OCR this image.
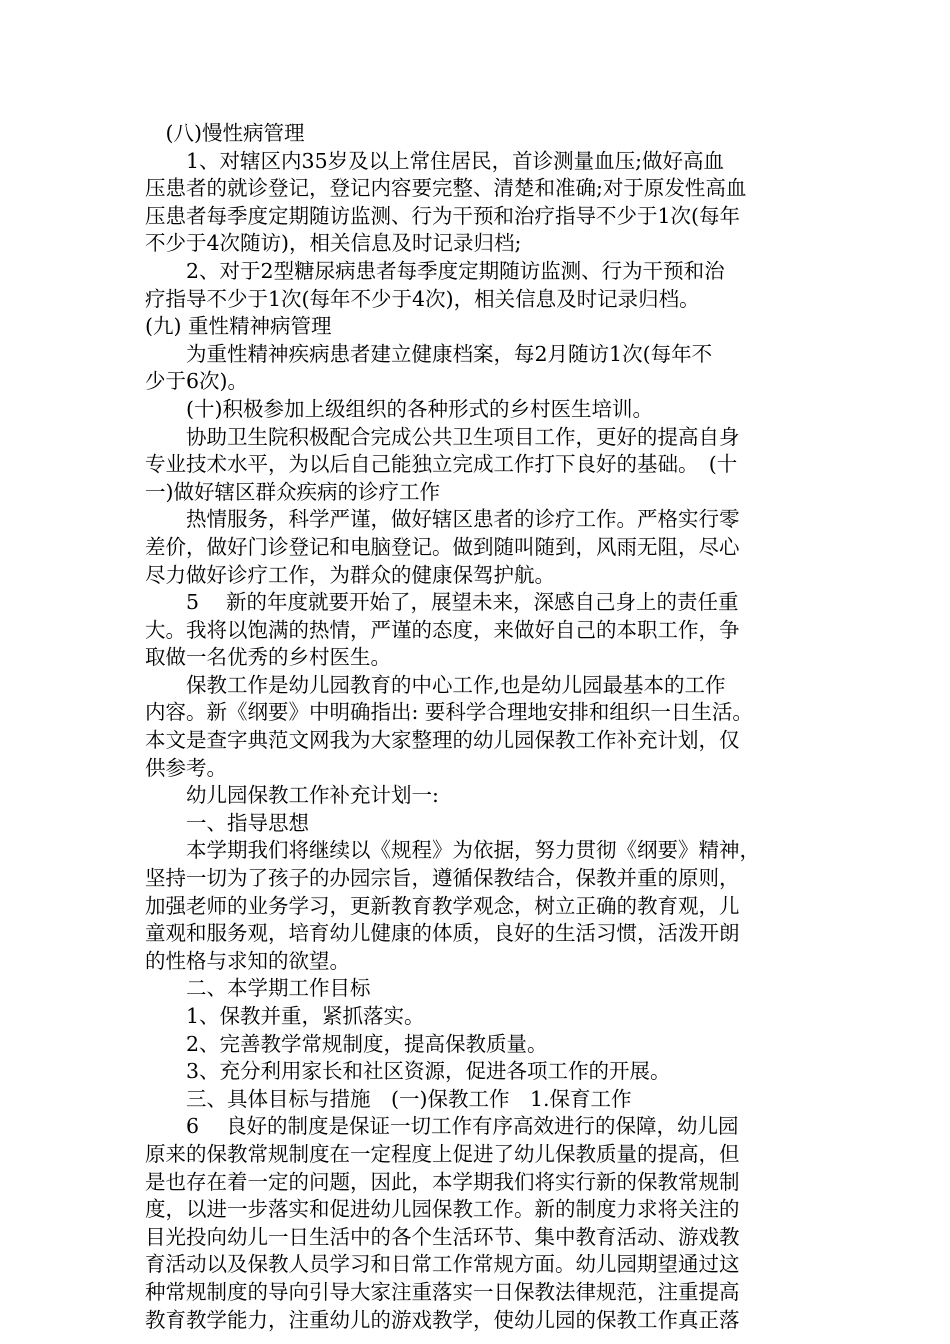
　(八)慢性病管理
　　1、对辖区内35岁及以上常住居民，首诊测量血压;做好高血
压患者的就诊登记，登记内容要完整、清楚和准确;对于原发性高血
压患者每季度定期随访监测、行为干预和治疗指导不少于1次(每年
不少于4次随访)，相关信息及时记录归档;
　　2、对于2型糖尿病患者每季度定期随访监测、行为干预和治
疗指导不少于1次(每年不少于4次)，相关信息及时记录归档。
(九) 重性精神病管理
　　为重性精神疾病患者建立健康档案，每2月随访1次(每年不
少于6次)。
　　(十)积极参加上级组织的各种形式的乡村医生培训。
　　协助卫生院积极配合完成公共卫生项目工作，更好的提高自身
专业技术水平，为以后自己能独立完成工作打下良好的基础。　(十
一)做好辖区群众疾病的诊疗工作
　　热情服务，科学严谨，做好辖区患者的诊疗工作。严格实行零
差价，做好门诊登记和电脑登记。做到随叫随到，风雨无阻，尽心
尽力做好诊疗工作，为群众的健康保驾护航。
　　5　 新的年度就要开始了，展望未来，深感自己身上的责任重
大。我将以饱满的热情，严谨的态度，来做好自己的本职工作，争
取做一名优秀的乡村医生。
　　保教工作是幼儿园教育的中心工作,也是幼儿园最基本的工作
内容。新《纲要》中明确指出: 要科学合理地安排和组织一日生活。
本文是查字典范文网我为大家整理的幼儿园保教工作补充计划，仅
供参考。
　　幼儿园保教工作补充计划一:
　　一、指导思想
　　本学期我们将继续以《规程》为依据，努力贯彻《纲要》精神，
坚持一切为了孩子的办园宗旨，遵循保教结合，保教并重的原则，
加强老师的业务学习，更新教育教学观念，树立正确的教育观，儿
童观和服务观，培育幼儿健康的体质，良好的生活习惯，活泼开朗
的性格与求知的欲望。
　　二、本学期工作目标
　　1、保教并重，紧抓落实。
　　2、完善教学常规制度，提高保教质量。
　　3、充分利用家长和社区资源，促进各项工作的开展。
　　三、具体目标与措施　(一)保教工作　1.保育工作
　　6　 良好的制度是保证一切工作有序高效进行的保障，幼儿园
原来的保教常规制度在一定程度上促进了幼儿保教质量的提高，但
是也存在着一定的问题，因此，本学期我们将实行新的保教常规制
度，以进一步落实和促进幼儿园保教工作。新的制度力求将关注的
目光投向幼儿一日生活中的各个生活环节、集中教育活动、游戏教
育活动以及保教人员学习和日常工作常规方面。幼儿园期望通过这
种常规制度的导向引导大家注重落实一日保教法律规范，注重提高
教育教学能力，注重幼儿的游戏教学，使幼儿园的保教工作真正落
